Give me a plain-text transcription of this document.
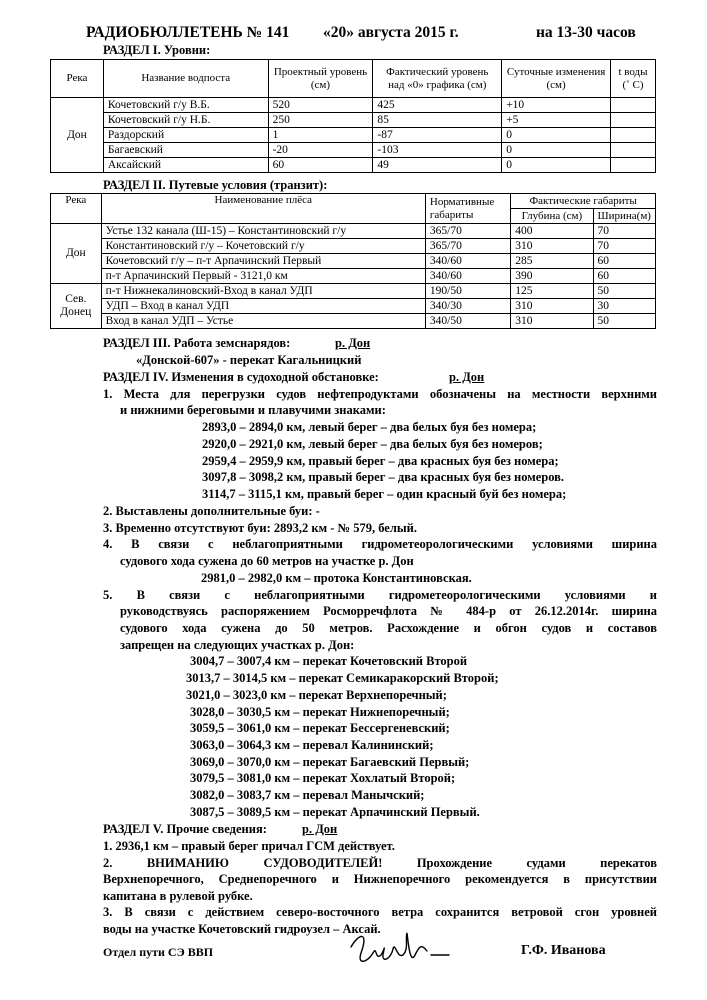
РАДИОБЮЛЛЕТЕНЬ № 141 «20» августа 2015 г.	на 13-30 часов
РАЗДЕЛ I. Уровни:
Река	Название водпоста	Проектный уровень (см)	Фактический уровень над «0» графика (см)	Суточные изменения (см)	t воды (˚ С)
Дон	Кочетовский г/у В.Б.	520	425	+10	
	Кочетовский г/у Н.Б.	250	85	+5	
	Раздорский	1	-87	0	
	Багаевский	-20	-103	0	
	Аксайский	60	49	0	
РАЗДЕЛ II. Путевые условия (транзит):
Река	Наименование плёса	Нормативные габариты	Фактические габариты	
			Глубина (см)	Ширина(м)
Дон	Устье 132 канала (Ш-15) – Константиновский г/у	365/70	400	70
	Константиновский г/у – Кочетовский г/у	365/70	310	70
	Кочетовский г/у – п-т Арпачинский Первый	340/60	285	60
	п-т Арпачинский Первый - 3121,0 км	340/60	390	60
Сев. Донец	п-т Нижнекалиновский-Вход в канал УДП	190/50	125	50
	УДП – Вход в канал УДП	340/30	310	30
	Вход в канал УДП – Устье	340/50	310	50
РАЗДЕЛ III. Работа земснарядов:	р. Дон
«Донской-607» - перекат Кагальницкий
РАЗДЕЛ IV. Изменения в судоходной обстановке:	р. Дон
1. Места для перегрузки судов нефтепродуктами обозначены на местности верхними
и нижними береговыми и плавучими знаками:
2893,0 – 2894,0 км, левый берег – два белых буя без номера;
2920,0 – 2921,0 км, левый берег – два белых буя без номеров;
2959,4 – 2959,9 км, правый берег – два красных буя без номера;
3097,8 – 3098,2 км, правый берег – два красных буя без номеров.
3114,7 – 3115,1 км, правый берег – один красный буй без номера;
2. Выставлены дополнительные буи: -
3. Временно отсутствуют буи: 2893,2 км - № 579, белый.
4. В связи с неблагоприятными гидрометеорологическими условиями ширина
судового хода сужена до 60 метров на участке р. Дон
2981,0 – 2982,0 км – протока Константиновская.
5. В связи с неблагоприятными гидрометеорологическими условиями и
руководствуясь распоряжением Росморречфлота № 484-р от 26.12.2014г. ширина
судового хода сужена до 50 метров. Расхождение и обгон судов и составов
запрещен на следующих участках р. Дон:
3004,7 – 3007,4 км – перекат Кочетовский Второй
3013,7 – 3014,5 км – перекат Семикаракорский Второй;
3021,0 – 3023,0 км – перекат Верхнепоречный;
3028,0 – 3030,5 км – перекат Нижнепоречный;
3059,5 – 3061,0 км – перекат Бессергеневский;
3063,0 – 3064,3 км – перевал Калининский;
3069,0 – 3070,0 км – перекат Багаевский Первый;
3079,5 – 3081,0 км – перекат Хохлатый Второй;
3082,0 – 3083,7 км – перевал Манычский;
3087,5 – 3089,5 км – перекат Арпачинский Первый.
РАЗДЕЛ V. Прочие сведения:	р. Дон
1. 2936,1 км – правый берег причал ГСМ действует.
2. ВНИМАНИЮ СУДОВОДИТЕЛЕЙ! Прохождение судами перекатов
Верхнепоречного, Среднепоречного и Нижнепоречного рекомендуется в присутствии
капитана в рулевой рубке.
3. В связи с действием северо-восточного ветра сохранится ветровой сгон уровней
воды на участке Кочетовский гидроузел – Аксай.
Отдел пути СЭ ВВП	Г.Ф. Иванова
